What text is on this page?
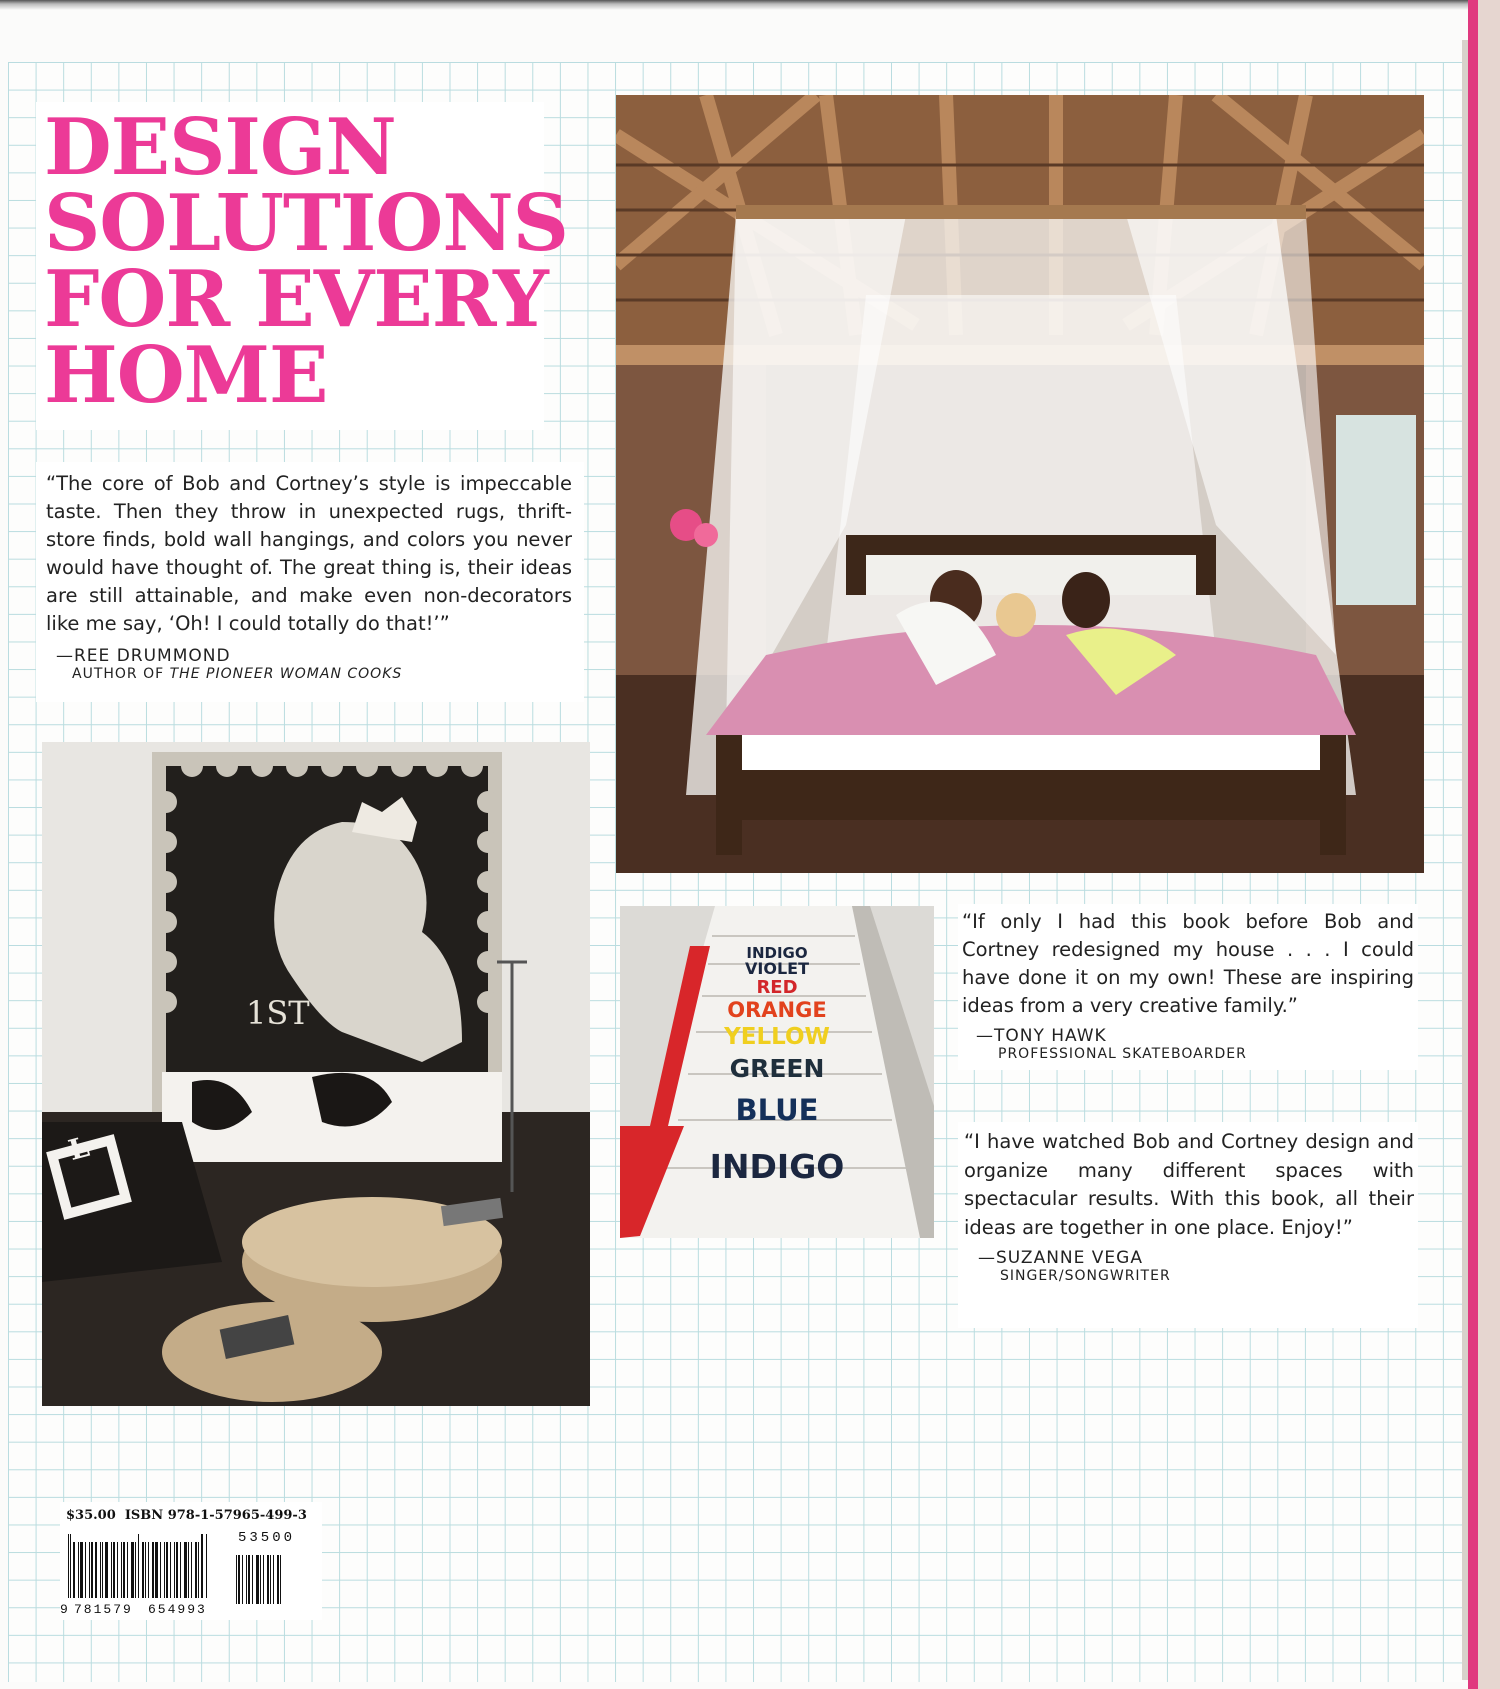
DESIGN
SOLUTIONS
FOR EVERY
HOME

“The core of Bob and Cortney’s style is impeccable taste. Then they throw in unexpected rugs, thrift-store finds, bold wall hangings, and colors you never would have thought of. The great thing is, their ideas are still attainable, and make even non-decorators like me say, ‘Oh! I could totally do that!’”

—REE DRUMMOND

AUTHOR OF THE PIONEER WOMAN COOKS

1ST
L
INDIGO
VIOLET
RED
ORANGE
YELLOW
GREEN
BLUE
INDIGO

“If only I had this book before Bob and Cortney redesigned my house . . . I could have done it on my own! These are inspiring ideas from a very creative family.”

—TONY HAWK

PROFESSIONAL SKATEBOARDER

“I have watched Bob and Cortney design and organize many different spaces with spectacular results. With this book, all their ideas are together in one place. Enjoy!”

—SUZANNE VEGA

SINGER/SONGWRITER

$35.00 ISBN 978-1-57965-499-3
53500
9 781579 654993
